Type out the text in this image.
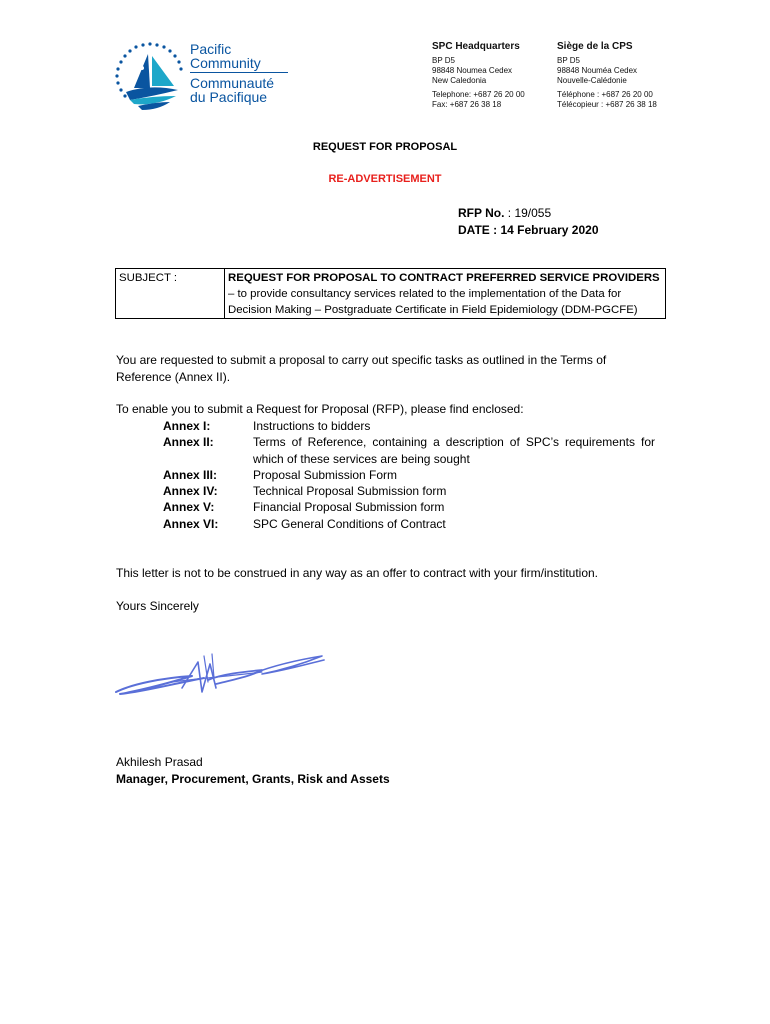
Pacific
Community
Communauté
du Pacifique
SPC Headquarters
BP D5
98848 Noumea Cedex
New Caledonia
Telephone: +687 26 20 00
Fax: +687 26 38 18
Siège de la CPS
BP D5
98848 Nouméa Cedex
Nouvelle-Calédonie
Téléphone : +687 26 20 00
Télécopieur : +687 26 38 18
REQUEST FOR PROPOSAL
RE-ADVERTISEMENT
RFP No. : 19/055
DATE : 14 February 2020
SUBJECT :	REQUEST FOR PROPOSAL TO CONTRACT PREFERRED SERVICE PROVIDERS
– to provide consultancy services related to the implementation of the Data for Decision Making – Postgraduate Certificate in Field Epidemiology (DDM-PGCFE)
You are requested to submit a proposal to carry out specific tasks as outlined in the Terms of Reference (Annex II).
To enable you to submit a Request for Proposal (RFP), please find enclosed:
Annex I:	Instructions to bidders
Annex II:	Terms of Reference, containing a description of SPC’s requirements for which of these services are being sought
Annex III:	Proposal Submission Form
Annex IV:	Technical Proposal Submission form
Annex V:	Financial Proposal Submission form
Annex VI:	SPC General Conditions of Contract
This letter is not to be construed in any way as an offer to contract with your firm/institution.
Yours Sincerely
Akhilesh Prasad
Manager, Procurement, Grants, Risk and Assets
